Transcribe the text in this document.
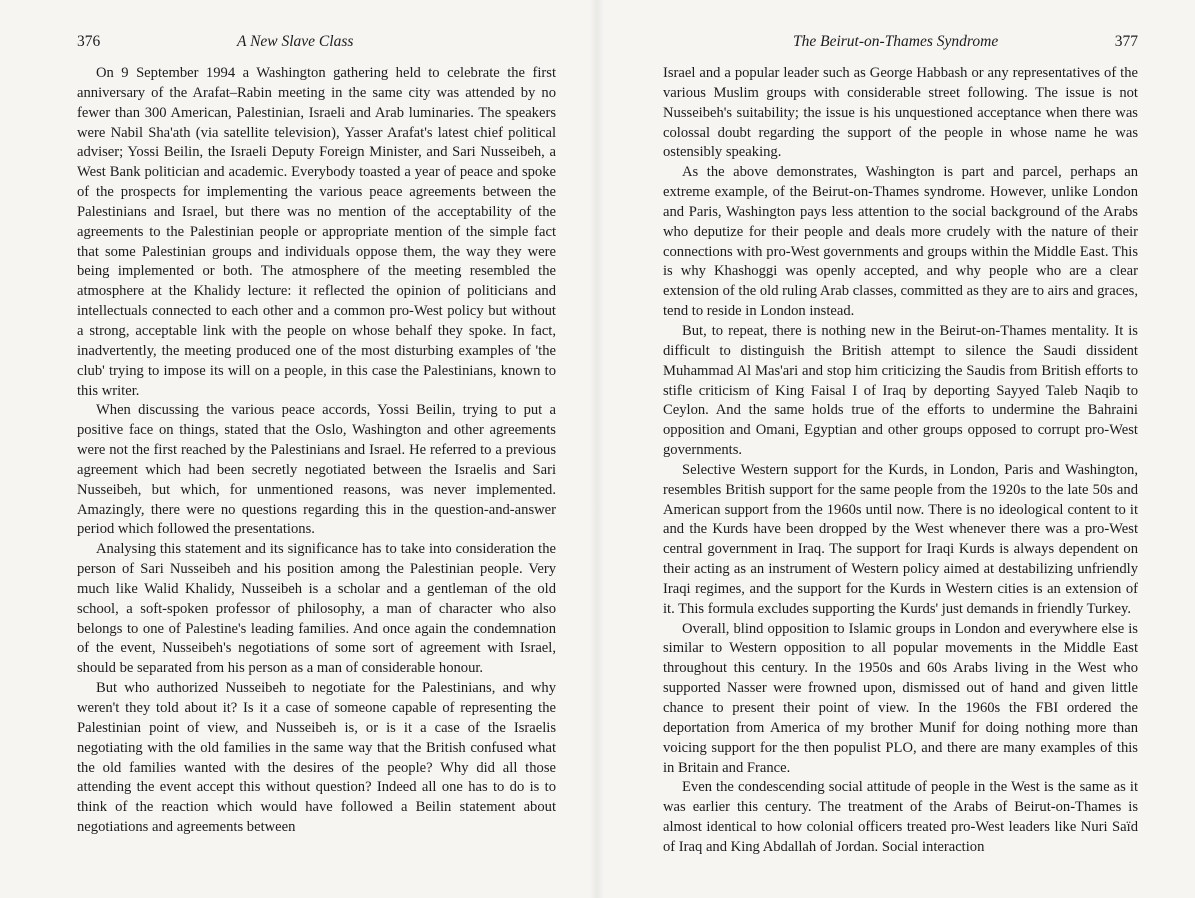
376	A New Slave Class

On 9 September 1994 a Washington gathering held to celebrate the first anniversary of the Arafat–Rabin meeting in the same city was attended by no fewer than 300 American, Palestinian, Israeli and Arab luminaries. The speakers were Nabil Sha'ath (via satellite television), Yasser Arafat's latest chief political adviser; Yossi Beilin, the Israeli Deputy Foreign Minister, and Sari Nusseibeh, a West Bank politician and academic. Everybody toasted a year of peace and spoke of the prospects for implementing the various peace agreements between the Palestinians and Israel, but there was no mention of the acceptability of the agreements to the Palestinian people or appropriate mention of the simple fact that some Palestinian groups and individuals oppose them, the way they were being implemented or both. The atmosphere of the meeting resembled the atmosphere at the Khalidy lecture: it reflected the opinion of politicians and intellectuals connected to each other and a common pro-West policy but without a strong, acceptable link with the people on whose behalf they spoke. In fact, inadvertently, the meeting produced one of the most disturbing examples of 'the club' trying to impose its will on a people, in this case the Palestinians, known to this writer.

When discussing the various peace accords, Yossi Beilin, trying to put a positive face on things, stated that the Oslo, Washington and other agreements were not the first reached by the Palestinians and Israel. He referred to a previous agreement which had been secretly negotiated between the Israelis and Sari Nusseibeh, but which, for unmentioned reasons, was never implemented. Amazingly, there were no questions regarding this in the question-and-answer period which followed the presentations.

Analysing this statement and its significance has to take into consideration the person of Sari Nusseibeh and his position among the Palestinian people. Very much like Walid Khalidy, Nusseibeh is a scholar and a gentleman of the old school, a soft-spoken professor of philosophy, a man of character who also belongs to one of Palestine's leading families. And once again the condemnation of the event, Nusseibeh's negotiations of some sort of agreement with Israel, should be separated from his person as a man of considerable honour.

But who authorized Nusseibeh to negotiate for the Palestinians, and why weren't they told about it? Is it a case of someone capable of representing the Palestinian point of view, and Nusseibeh is, or is it a case of the Israelis negotiating with the old families in the same way that the British confused what the old families wanted with the desires of the people? Why did all those attending the event accept this without question? Indeed all one has to do is to think of the reaction which would have followed a Beilin statement about negotiations and agreements between

The Beirut-on-Thames Syndrome	377

Israel and a popular leader such as George Habbash or any representatives of the various Muslim groups with considerable street following. The issue is not Nusseibeh's suitability; the issue is his unquestioned acceptance when there was colossal doubt regarding the support of the people in whose name he was ostensibly speaking.

As the above demonstrates, Washington is part and parcel, perhaps an extreme example, of the Beirut-on-Thames syndrome. However, unlike London and Paris, Washington pays less attention to the social background of the Arabs who deputize for their people and deals more crudely with the nature of their connections with pro-West governments and groups within the Middle East. This is why Khashoggi was openly accepted, and why people who are a clear extension of the old ruling Arab classes, committed as they are to airs and graces, tend to reside in London instead.

But, to repeat, there is nothing new in the Beirut-on-Thames mentality. It is difficult to distinguish the British attempt to silence the Saudi dissident Muhammad Al Mas'ari and stop him criticizing the Saudis from British efforts to stifle criticism of King Faisal I of Iraq by deporting Sayyed Taleb Naqib to Ceylon. And the same holds true of the efforts to undermine the Bahraini opposition and Omani, Egyptian and other groups opposed to corrupt pro-West governments.

Selective Western support for the Kurds, in London, Paris and Washington, resembles British support for the same people from the 1920s to the late 50s and American support from the 1960s until now. There is no ideological content to it and the Kurds have been dropped by the West whenever there was a pro-West central government in Iraq. The support for Iraqi Kurds is always dependent on their acting as an instrument of Western policy aimed at destabilizing unfriendly Iraqi regimes, and the support for the Kurds in Western cities is an extension of it. This formula excludes supporting the Kurds' just demands in friendly Turkey.

Overall, blind opposition to Islamic groups in London and everywhere else is similar to Western opposition to all popular movements in the Middle East throughout this century. In the 1950s and 60s Arabs living in the West who supported Nasser were frowned upon, dismissed out of hand and given little chance to present their point of view. In the 1960s the FBI ordered the deportation from America of my brother Munif for doing nothing more than voicing support for the then populist PLO, and there are many examples of this in Britain and France.

Even the condescending social attitude of people in the West is the same as it was earlier this century. The treatment of the Arabs of Beirut-on-Thames is almost identical to how colonial officers treated pro-West leaders like Nuri Saïd of Iraq and King Abdallah of Jordan. Social interaction
